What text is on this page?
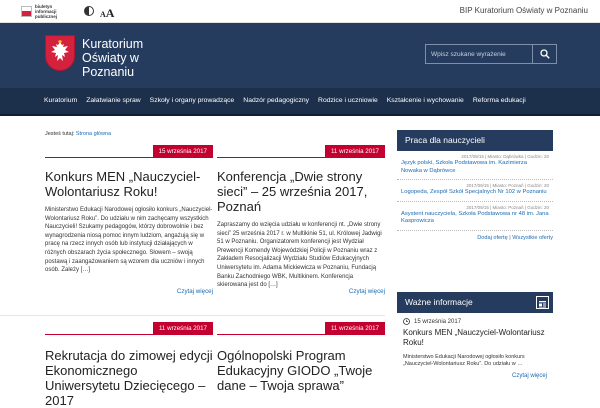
biuletyn informacji publicznej	AA	BIP Kuratorium Oświaty w Poznaniu
Kuratorium
Oświaty w
Poznaniu
Wpisz szukane wyrażenie
Kuratorium Załatwianie spraw Szkoły i organy prowadzące Nadzór pedagogiczny Rodzice i uczniowie Kształcenie i wychowanie Reforma edukacji
Jesteś tutaj: Strona główna
15 września 2017
Konkurs MEN „Nauczyciel-Wolontariusz Roku!
Ministerstwo Edukacji Narodowej ogłosiło konkurs „Nauczyciel-Wolontariusz Roku”. Do udziału w nim zachęcamy wszystkich Nauczycieli! Szukamy pedagogów, którzy dobrowolnie i bez wynagrodzenia niosą pomoc innym ludziom, angażują się w pracę na rzecz innych osób lub instytucji działających w różnych obszarach życia społecznego. Słowem – swoją postawą i zaangażowaniem są wzorem dla uczniów i innych osób. Zależy […]
Czytaj więcej
11 września 2017
Konferencja „Dwie strony sieci” – 25 września 2017, Poznań
Zapraszamy do wzięcia udziału w konferencji nt. „Dwie strony sieci” 25 września 2017 r. w Multikinie 51, ul. Królowej Jadwigi 51 w Poznaniu. Organizatorem konferencji jest Wydział Prewencji Komendy Wojewódzkiej Policji w Poznaniu wraz z Zakładem Resocjalizacji Wydziału Studiów Edukacyjnych Uniwersytetu im. Adama Mickiewicza w Poznaniu, Fundacją Banku Zachodniego WBK, Multikinem. Konferencja skierowana jest do […]
Czytaj więcej
11 września 2017
Rekrutacja do zimowej edycji Ekonomicznego Uniwersytetu Dziecięcego – 2017
11 września 2017
Ogólnopolski Program Edukacyjny GIODO „Twoje dane – Twoja sprawa”
Praca dla nauczycieli
2017/09/15 | Miasto: Dąbrówka | Godzin: 20
Język polski, Szkoła Podstawowa im. Kazimierza Nowaka w Dąbrówce
2017/09/15 | Miasto: Poznań | Godzin: 20
Logopeda, Zespół Szkół Specjalnych Nr 102 w Poznaniu
2017/09/15 | Miasto: Poznań | Godzin: 20
Asystent nauczyciela, Szkoła Podstawowa nr 48 im. Jana Kasprowicza
Dodaj ofertę | Wszystkie oferty
Ważne informacje
15 września 2017
Konkurs MEN „Nauczyciel-Wolontariusz Roku!
Ministerstwo Edukacji Narodowej ogłosiło konkurs „Nauczyciel-Wolontariusz Roku”. Do udziału w …
Czytaj więcej
